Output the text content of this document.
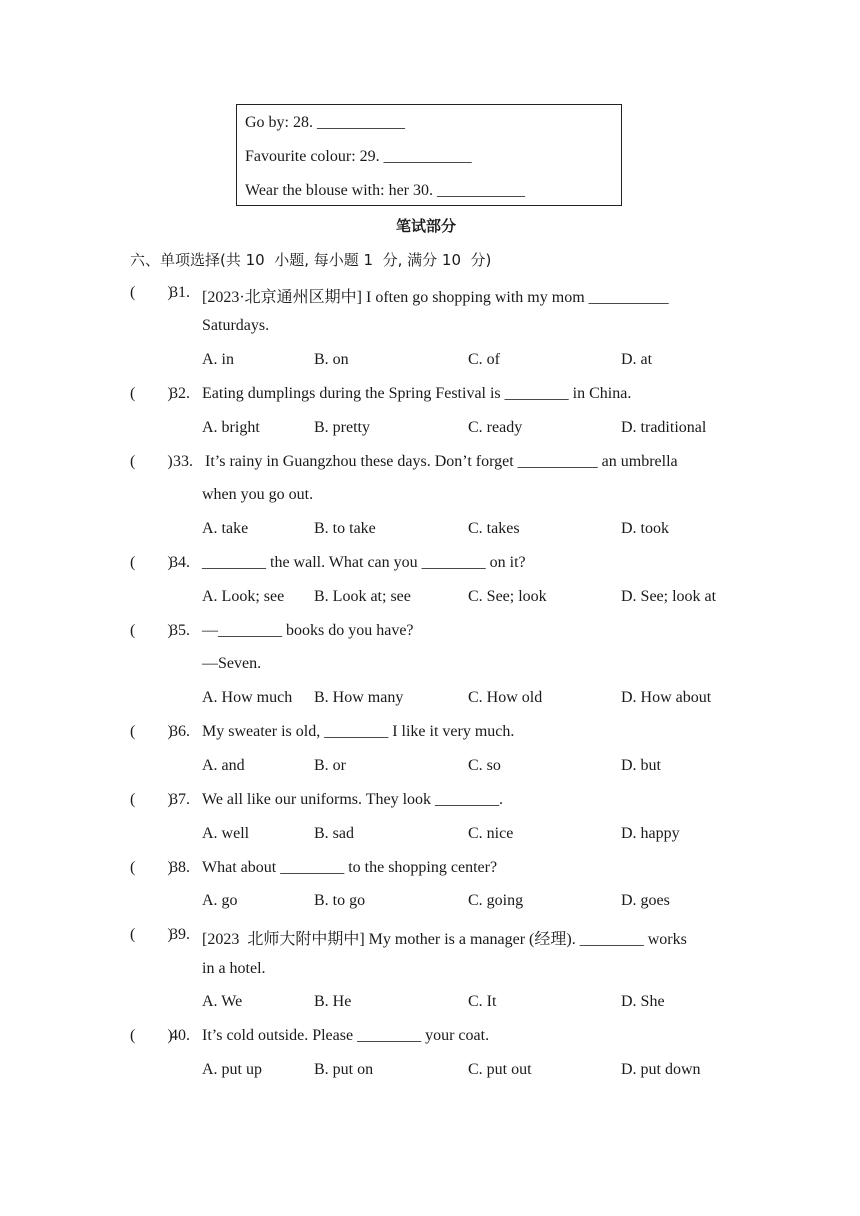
Go by: 28. ___________
Favourite colour: 29. ___________
Wear the blouse with: her 30. ___________
笔试部分
六、单项选择(共 10  小题, 每小题 1  分, 满分 10  分)
(        )
31. [2023·北京通州区期中] I often go shopping with my mom __________
Saturdays.
A. in	B. on	C. of	D. at
(        )
32. Eating dumplings during the Spring Festival is ________ in China.
A. bright	B. pretty	C. ready	D. traditional
(        ) 33. It’s rainy in Guangzhou these days. Don’t forget __________ an umbrella
when you go out.
A. take	B. to take	C. takes	D. took
(        )
34. ________ the wall. What can you ________ on it?
A. Look; see B. Look at; see	C. See; look	D. See; look at
(        )
35. —________ books do you have?
—Seven.
A. How much B. How many	C. How old	D. How about
(        )
36. My sweater is old, ________ I like it very much.
A. and	B. or	C. so	D. but
(        )
37. We all like our uniforms. They look ________.
A. well	B. sad	C. nice	D. happy
(        )
38. What about ________ to the shopping center?
A. go	B. to go	C. going	D. goes
(        )
39. [2023  北师大附中期中] My mother is a manager (经理). ________ works
in a hotel.
A. We	B. He	C. It	D. She
(        )
40. It’s cold outside. Please ________ your coat.
A. put up	B. put on	C. put out	D. put down
